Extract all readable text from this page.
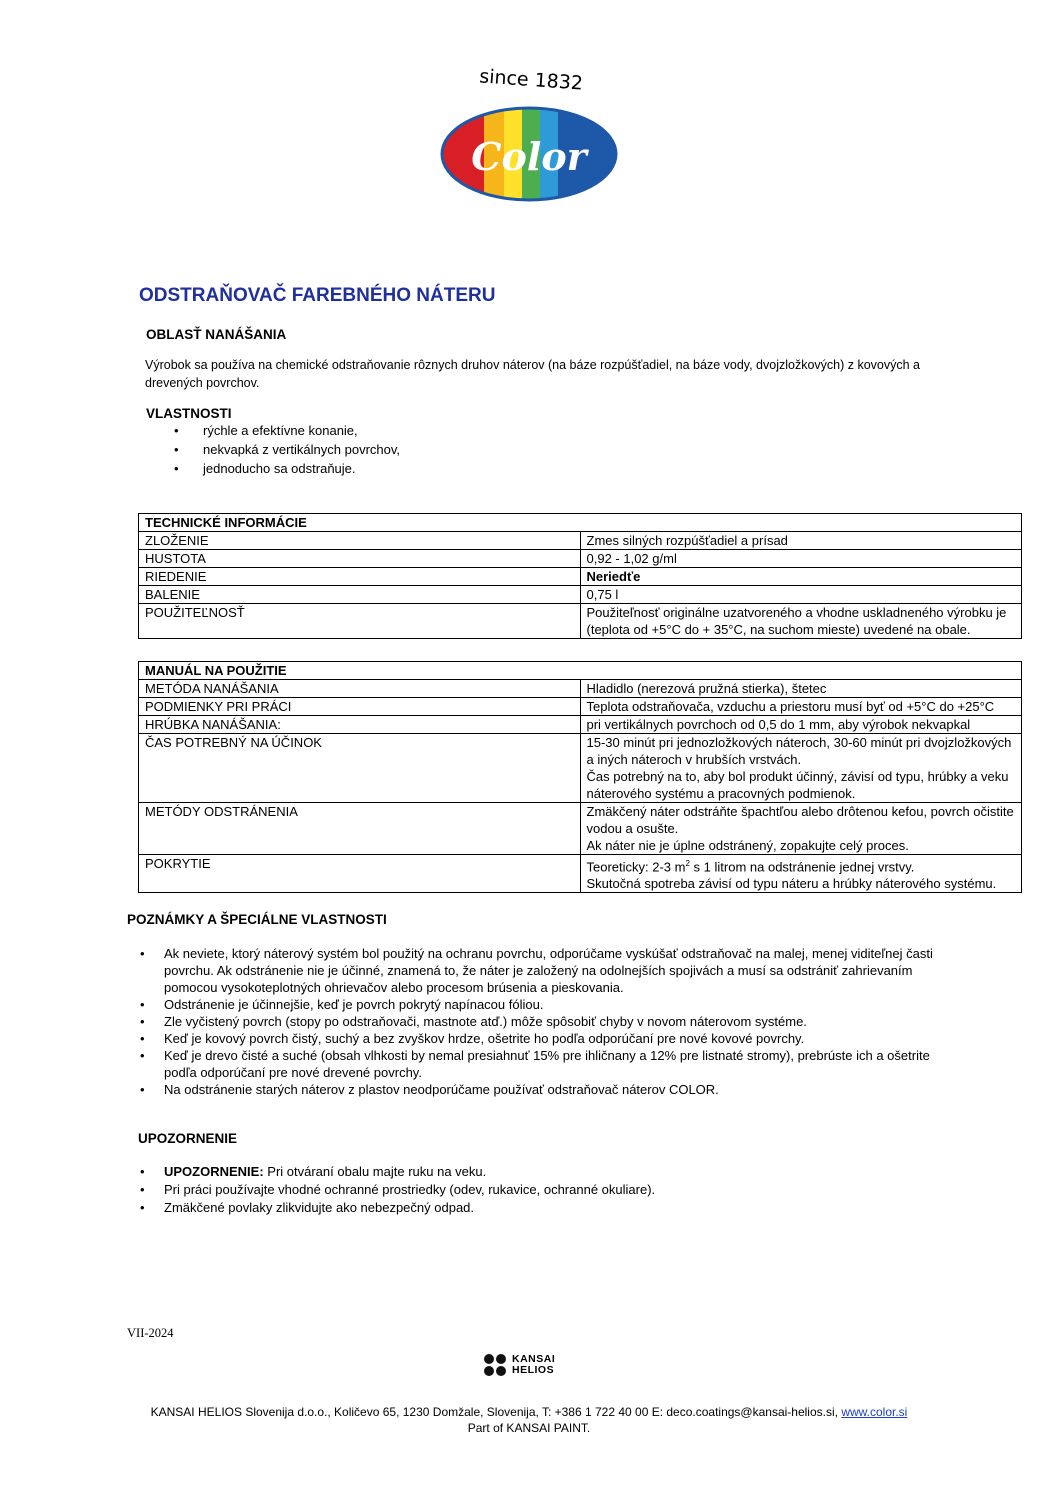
Color
since 1832
ODSTRAŇOVAČ FAREBNÉHO NÁTERU

OBLASŤ NANÁŠANIA

Výrobok sa používa na chemické odstraňovanie rôznych druhov náterov (na báze rozpúšťadiel, na báze vody, dvojzložkových) z kovových a drevených povrchov.

VLASTNOSTI

• rýchle a efektívne konanie,
• nekvapká z vertikálnych povrchov,
• jednoducho sa odstraňuje.
TECHNICKÉ INFORMÁCIE	
ZLOŽENIE	Zmes silných rozpúšťadiel a prísad
HUSTOTA	0,92 - 1,02 g/ml
RIEDENIE	Neriedťe
BALENIE	0,75 l
POUŽITEĽNOSŤ	Použiteľnosť originálne uzatvoreného a vhodne uskladneného výrobku je (teplota od +5°C do + 35°C, na suchom mieste) uvedené na obale.
MANUÁL NA POUŽITIE	
METÓDA NANÁŠANIA	Hladidlo (nerezová pružná stierka), štetec
PODMIENKY PRI PRÁCI	Teplota odstraňovača, vzduchu a priestoru musí byť od +5°C do +25°C
HRÚBKA NANÁŠANIA:	pri vertikálnych povrchoch od 0,5 do 1 mm, aby výrobok nekvapkal
ČAS POTREBNÝ NA ÚČINOK	15-30 minút pri jednozložkových náteroch, 30-60 minút pri dvojzložkových a iných náteroch v hrubších vrstvách.
Čas potrebný na to, aby bol produkt účinný, závisí od typu, hrúbky a veku náterového systému a pracovných podmienok.

METÓDY ODSTRÁNENIA	Zmäkčený náter odstráňte špachtľou alebo drôtenou kefou, povrch očistite vodou a osušte.
Ak náter nie je úplne odstránený, zopakujte celý proces.

POKRYTIE	Teoreticky: 2-3 $m^2$ s 1 litrom na odstránenie jednej vrstvy.
Skutočná spotreba závisí od typu náteru a hrúbky náterového systému.

POZNÁMKY A ŠPECIÁLNE VLASTNOSTI

• Ak neviete, ktorý náterový systém bol použitý na ochranu povrchu, odporúčame vyskúšať odstraňovač na malej, menej viditeľnej časti povrchu. Ak odstránenie nie je účinné, znamená to, že náter je založený na odolnejších spojivách a musí sa odstrániť zahrievaním pomocou vysokoteplotných ohrievačov alebo procesom brúsenia a pieskovania.
• Odstránenie je účinnejšie, keď je povrch pokrytý napínacou fóliou.
• Zle vyčistený povrch (stopy po odstraňovači, mastnote atď.) môže spôsobiť chyby v novom náterovom systéme.
• Keď je kovový povrch čistý, suchý a bez zvyškov hrdze, ošetrite ho podľa odporúčaní pre nové kovové povrchy.
• Keď je drevo čisté a suché (obsah vlhkosti by nemal presiahnuť 15% pre ihličnany a 12% pre listnaté stromy), prebrúste ich a ošetrite podľa odporúčaní pre nové drevené povrchy.
• Na odstránenie starých náterov z plastov neodporúčame používať odstraňovač náterov COLOR.

UPOZORNENIE

• UPOZORNENIE: Pri otváraní obalu majte ruku na veku.
• Pri práci používajte vhodné ochranné prostriedky (odev, rukavice, ochranné okuliare).
• Zmäkčené povlaky zlikvidujte ako nebezpečný odpad.
VII-2024
KANSAI
HELIOS
KANSAI HELIOS Slovenija d.o.o., Količevo 65, 1230 Domžale, Slovenija, T: +386 1 722 40 00 E: deco.coatings@kansai-helios.si, www.color.si
Part of KANSAI PAINT.
